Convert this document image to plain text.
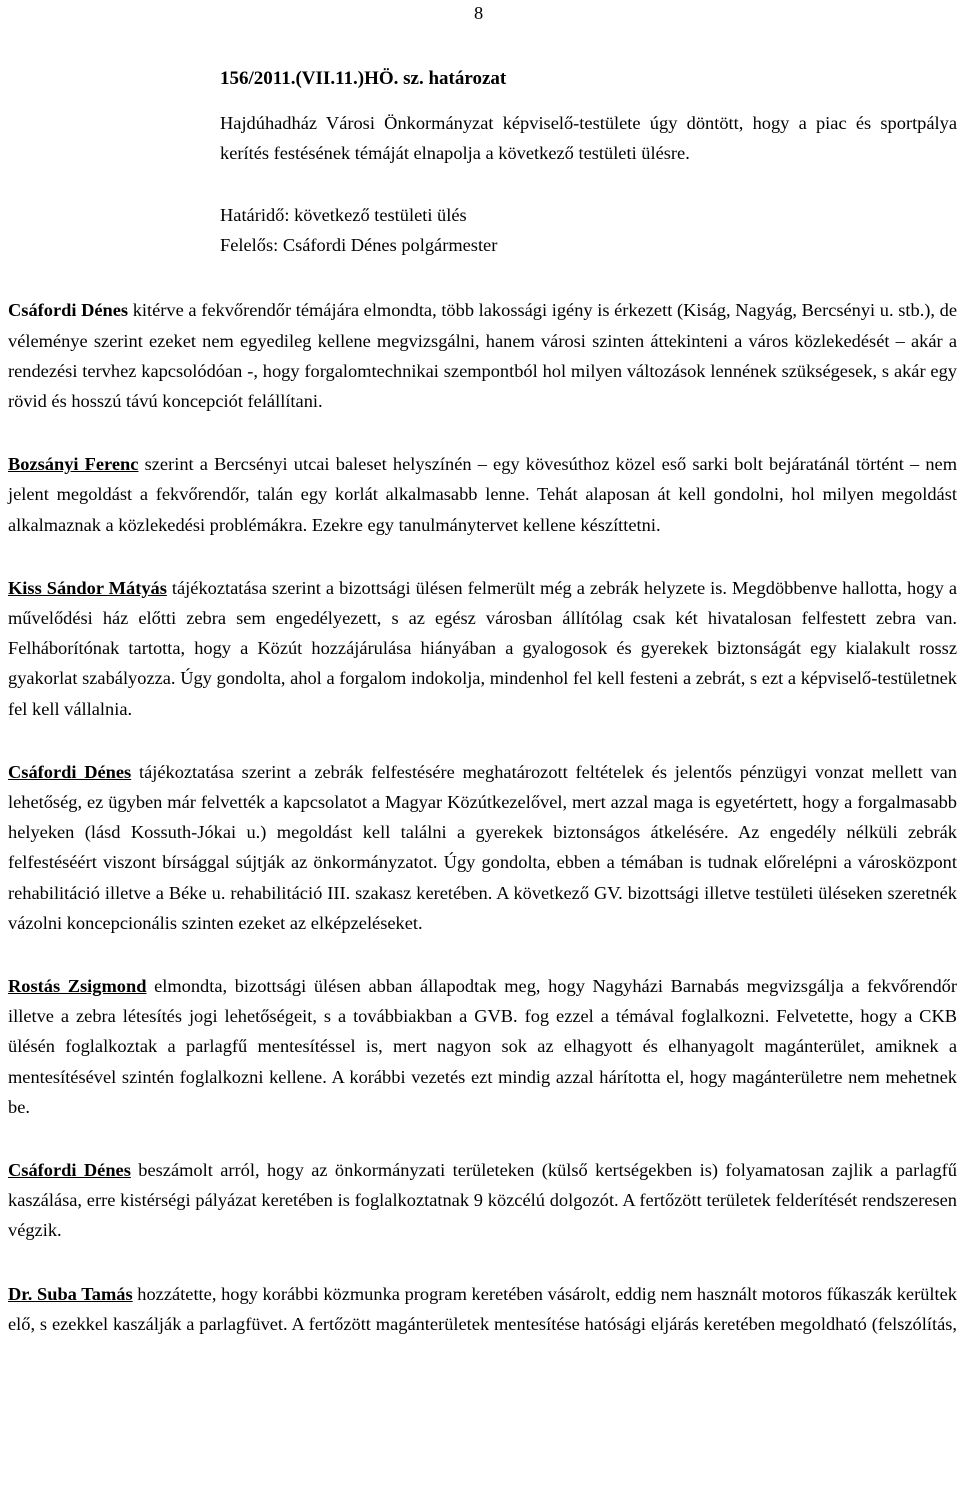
8
156/2011.(VII.11.)HÖ. sz. határozat
Hajdúhadház Városi Önkormányzat képviselő-testülete úgy döntött, hogy a piac és sportpálya kerítés festésének témáját elnapolja a következő testületi ülésre.
Határidő: következő testületi ülés
Felelős: Csáfordi Dénes polgármester

Csáfordi Dénes kitérve a fekvőrendőr témájára elmondta, több lakossági igény is érkezett (Kiság, Nagyág, Bercsényi u. stb.), de véleménye szerint ezeket nem egyedileg kellene megvizsgálni, hanem városi szinten áttekinteni a város közlekedését – akár a rendezési tervhez kapcsolódóan -, hogy forgalomtechnikai szempontból hol milyen változások lennének szükségesek, s akár egy rövid és hosszú távú koncepciót felállítani.

Bozsányi Ferenc szerint a Bercsényi utcai baleset helyszínén – egy kövesúthoz közel eső sarki bolt bejáratánál történt – nem jelent megoldást a fekvőrendőr, talán egy korlát alkalmasabb lenne. Tehát alaposan át kell gondolni, hol milyen megoldást alkalmaznak a közlekedési problémákra. Ezekre egy tanulmánytervet kellene készíttetni.

Kiss Sándor Mátyás tájékoztatása szerint a bizottsági ülésen felmerült még a zebrák helyzete is. Megdöbbenve hallotta, hogy a művelődési ház előtti zebra sem engedélyezett, s az egész városban állítólag csak két hivatalosan felfestett zebra van. Felháborítónak tartotta, hogy a Közút hozzájárulása hiányában a gyalogosok és gyerekek biztonságát egy kialakult rossz gyakorlat szabályozza. Úgy gondolta, ahol a forgalom indokolja, mindenhol fel kell festeni a zebrát, s ezt a képviselő-testületnek fel kell vállalnia.

Csáfordi Dénes tájékoztatása szerint a zebrák felfestésére meghatározott feltételek és jelentős pénzügyi vonzat mellett van lehetőség, ez ügyben már felvették a kapcsolatot a Magyar Közútkezelővel, mert azzal maga is egyetértett, hogy a forgalmasabb helyeken (lásd Kossuth-Jókai u.) megoldást kell találni a gyerekek biztonságos átkelésére. Az engedély nélküli zebrák felfestéséért viszont bírsággal sújtják az önkormányzatot. Úgy gondolta, ebben a témában is tudnak előrelépni a városközpont rehabilitáció illetve a Béke u. rehabilitáció III. szakasz keretében. A következő GV. bizottsági illetve testületi üléseken szeretnék vázolni koncepcionális szinten ezeket az elképzeléseket.

Rostás Zsigmond elmondta, bizottsági ülésen abban állapodtak meg, hogy Nagyházi Barnabás megvizsgálja a fekvőrendőr illetve a zebra létesítés jogi lehetőségeit, s a továbbiakban a GVB. fog ezzel a témával foglalkozni. Felvetette, hogy a CKB ülésén foglalkoztak a parlagfű mentesítéssel is, mert nagyon sok az elhagyott és elhanyagolt magánterület, amiknek a mentesítésével szintén foglalkozni kellene. A korábbi vezetés ezt mindig azzal hárította el, hogy magánterületre nem mehetnek be.

Csáfordi Dénes beszámolt arról, hogy az önkormányzati területeken (külső kertségekben is) folyamatosan zajlik a parlagfű kaszálása, erre kistérségi pályázat keretében is foglalkoztatnak 9 közcélú dolgozót. A fertőzött területek felderítését rendszeresen végzik.

Dr. Suba Tamás hozzátette, hogy korábbi közmunka program keretében vásárolt, eddig nem használt motoros fűkaszák kerültek elő, s ezekkel kaszálják a parlagfüvet. A fertőzött magánterületek mentesítése hatósági eljárás keretében megoldható (felszólítás,
